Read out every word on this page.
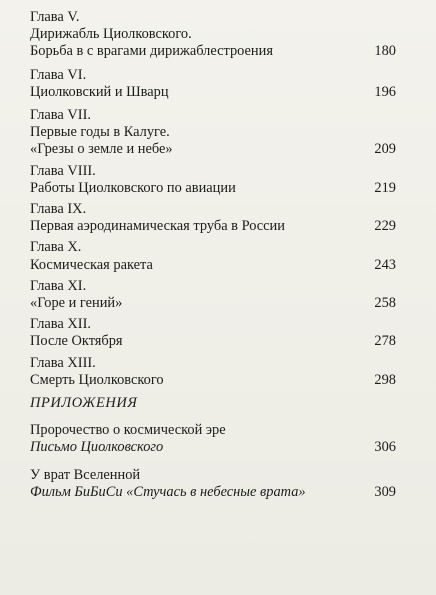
Глава V.
Дирижабль Циолковского.
Борьба в с врагами дирижаблестроения	180
Глава VI.
Циолковский и Шварц	196
Глава VII.
Первые годы в Калуге.
«Грезы о земле и небе»	209
Глава VIII.
Работы Циолковского по авиации	219
Глава IX.
Первая аэродинамическая труба в России	229
Глава X.
Космическая ракета	243
Глава XI.
«Горе и гений»	258
Глава XII.
После Октября	278
Глава XIII.
Смерть Циолковского	298
ПРИЛОЖЕНИЯ
Пророчество о космической эре
Письмо Циолковского	306
У врат Вселенной
Фильм БиБиСи «Стучась в небесные врата»	309
